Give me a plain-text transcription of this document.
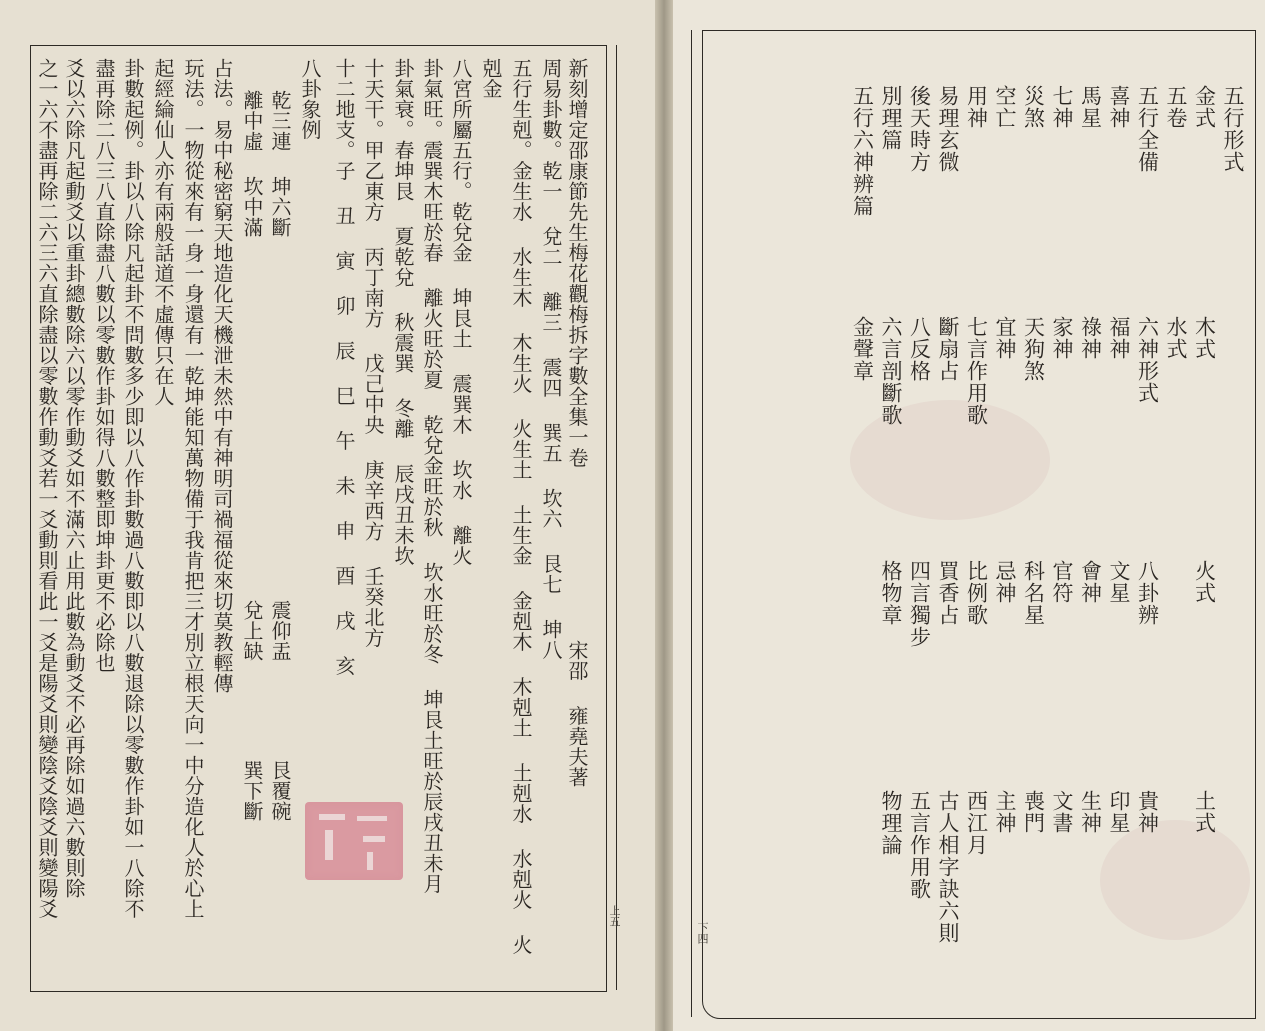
新刻增定邵康節先生梅花觀梅拆字數全集一卷
周易卦數。乾一 兌二 離三 震四 巽五 坎六 艮七 坤八
五行生剋。金生水 水生木 木生火 火生土 土生金 金剋木 木剋土 土剋水 水剋火 火
剋金
八宮所屬五行。乾兌金 坤艮土 震巽木 坎水 離火
卦氣旺。震巽木旺於春 離火旺於夏 乾兌金旺於秋 坎水旺於冬 坤艮土旺於辰戌丑未月
卦氣衰。春坤艮 夏乾兌 秋震巽 冬離 辰戌丑未坎
十天干。甲乙東方 丙丁南方 戊己中央 庚辛西方 壬癸北方
十二地支。子 丑 寅 卯 辰 巳 午 未 申 酉 戌 亥
八卦象例
乾三連 坤六斷
離中虛 坎中滿
占法。易中秘密窮天地造化天機泄未然中有神明司禍福從來切莫教輕傳
玩法。一物從來有一身一身還有一乾坤能知萬物備于我肯把三才別立根天向一中分造化人於心上
起經綸仙人亦有兩般話道不虛傳只在人
卦數起例。卦以八除凡起卦不問數多少即以八作卦數過八數即以八數退除以零數作卦如一八除不
盡再除二八三八直除盡八數以零數作卦如得八數整即坤卦更不必除也
爻以六除凡起動爻以重卦總數除六以零作動爻如不滿六止用此數為動爻不必再除如過六數則除
之一六不盡再除二六三六直除盡以零數作動爻若一爻動則看此一爻是陽爻則變陰爻陰爻則變陽爻	宋邵 雍堯夫著
震仰盂
兌上缺
艮覆碗
巽下斷
上五
下四
五行形式
金式
木式
火式
土式
五卷
水式
五行全備
六神形式
八卦辨
貴神
喜神
福神
文星
印星
馬星
祿神
會神
生神
七神
家神
官符
文書
災煞
天狗煞
科名星
喪門
空亡
宜神
忌神
主神
用神
七言作用歌
比例歌
西江月
易理玄微
斷扇占
買香占
古人相字訣六則
後天時方
八反格
四言獨步
五言作用歌
別理篇
六言剖斷歌
格物章
物理論
五行六神辨篇
金聲章
